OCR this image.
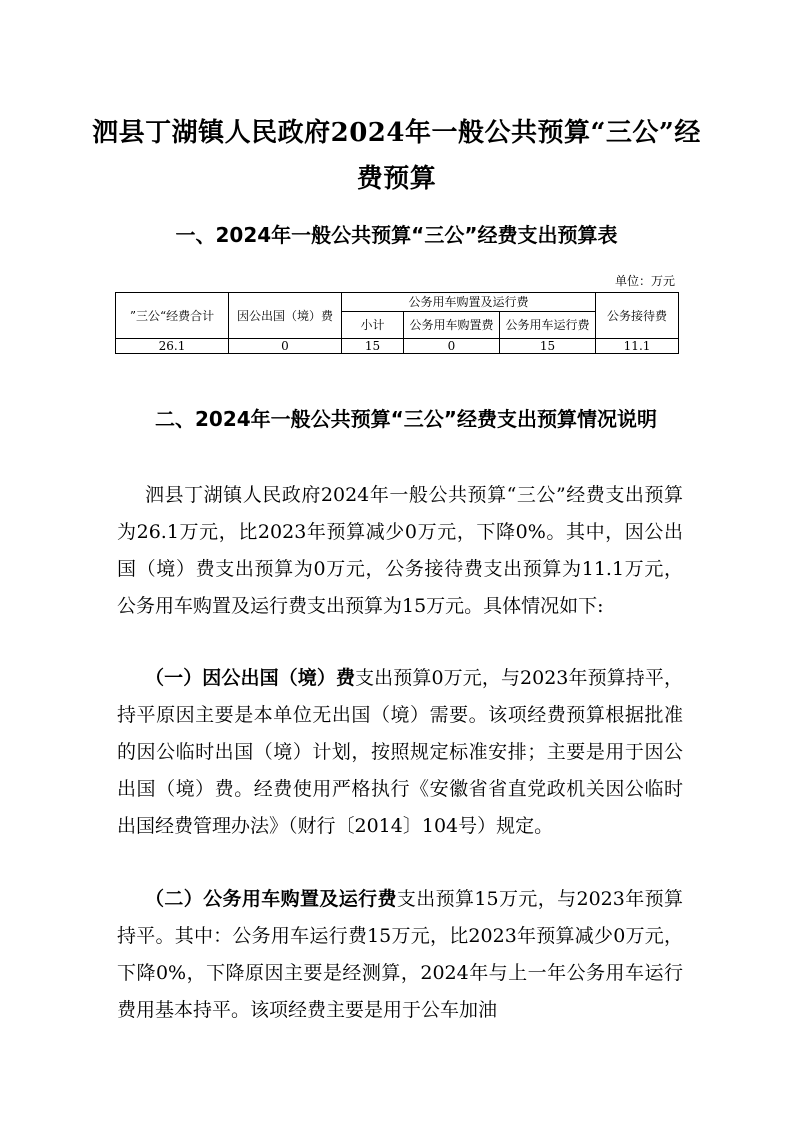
泗县丁湖镇人民政府2024年一般公共预算“三公”经费预算
一、2024年一般公共预算“三公”经费支出预算表
单位：万元
”三公“经费合计	因公出国（境）费	公务用车购置及运行费			公务接待费
		小计	公务用车购置费	公务用车运行费	
26.1	0	15	0	15	11.1
二、2024年一般公共预算“三公”经费支出预算情况说明

泗县丁湖镇人民政府2024年一般公共预算“三公”经费支出预算为26.1万元，比2023年预算减少0万元，下降0%。其中，因公出国（境）费支出预算为0万元，公务接待费支出预算为11.1万元，公务用车购置及运行费支出预算为15万元。具体情况如下:

（一）因公出国（境）费支出预算0万元，与2023年预算持平，持平原因主要是本单位无出国（境）需要。该项经费预算根据批准的因公临时出国（境）计划，按照规定标准安排；主要是用于因公出国（境）费。经费使用严格执行《安徽省省直党政机关因公临时出国经费管理办法》（财行〔2014〕104号）规定。

（二）公务用车购置及运行费支出预算15万元，与2023年预算持平。其中：公务用车运行费15万元，比2023年预算减少0万元，下降0%，下降原因主要是经测算，2024年与上一年公务用车运行费用基本持平。该项经费主要是用于公车加油
